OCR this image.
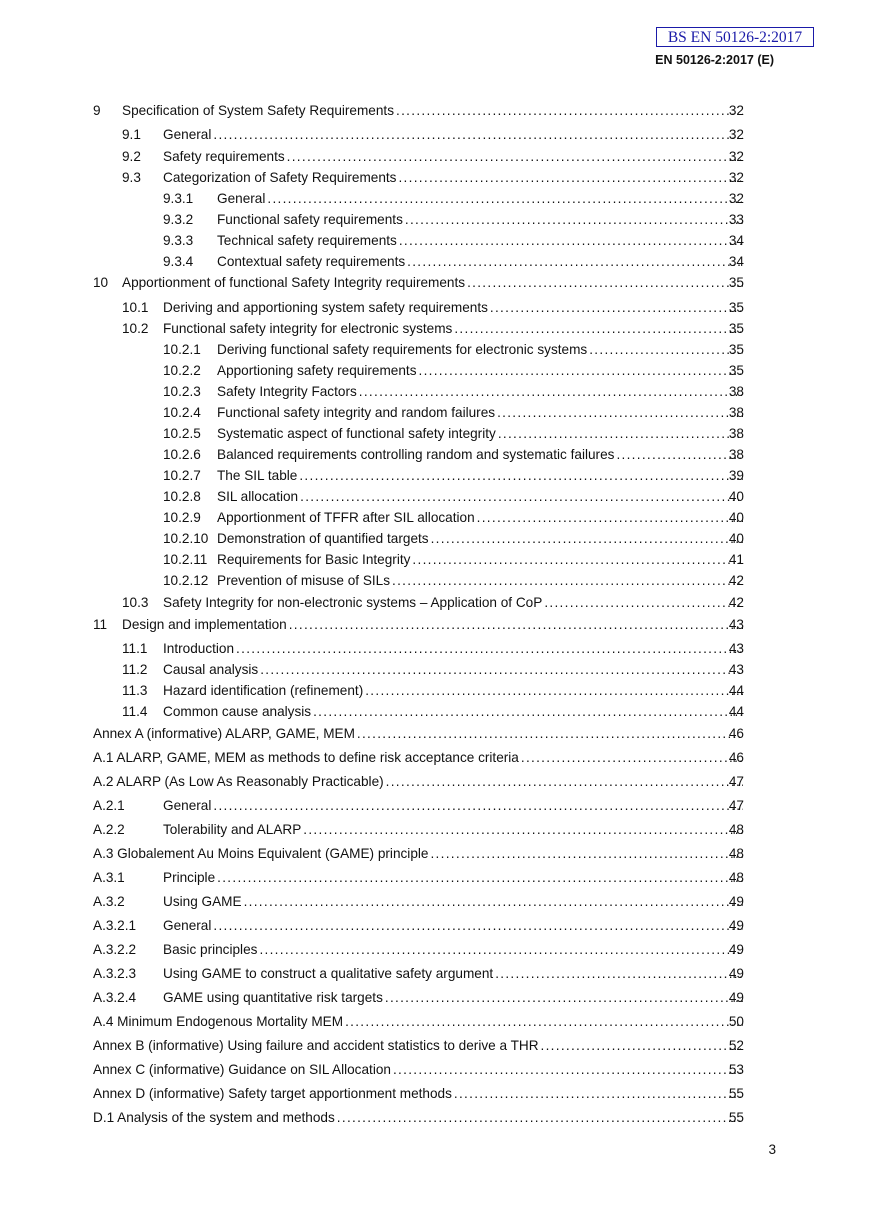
BS EN 50126-2:2017
EN 50126-2:2017 (E)
9 Specification of System Safety Requirements .....	32
9.1 General .....	32
9.2 Safety requirements .....	32
9.3 Categorization of Safety Requirements .....	32
9.3.1 General .....	32
9.3.2 Functional safety requirements .....	33
9.3.3 Technical safety requirements .....	34
9.3.4 Contextual safety requirements .....	34
10 Apportionment of functional Safety Integrity requirements .....	35
10.1 Deriving and apportioning system safety requirements .....	35
10.2 Functional safety integrity for electronic systems .....	35
10.2.1 Deriving functional safety requirements for electronic systems .....	35
10.2.2 Apportioning safety requirements .....	35
10.2.3 Safety Integrity Factors .....	38
10.2.4 Functional safety integrity and random failures .....	38
10.2.5 Systematic aspect of functional safety integrity .....	38
10.2.6 Balanced requirements controlling random and systematic failures .....	38
10.2.7 The SIL table .....	39
10.2.8 SIL allocation .....	40
10.2.9 Apportionment of TFFR after SIL allocation .....	40
10.2.10 Demonstration of quantified targets .....	40
10.2.11 Requirements for Basic Integrity .....	41
10.2.12 Prevention of misuse of SILs .....	42
10.3 Safety Integrity for non-electronic systems – Application of CoP .....	42
11 Design and implementation .....	43
11.1 Introduction .....	43
11.2 Causal analysis .....	43
11.3 Hazard identification (refinement) .....	44
11.4 Common cause analysis .....	44
Annex A (informative) ALARP, GAME, MEM .....	46
A.1 ALARP, GAME, MEM as methods to define risk acceptance criteria .....	46
A.2 ALARP (As Low As Reasonably Practicable) .....	47
A.2.1	General .....	47
A.2.2	Tolerability and ALARP .....	48
A.3 Globalement Au Moins Equivalent (GAME) principle .....	48
A.3.1	Principle .....	48
A.3.2	Using GAME .....	49
A.3.2.1 General .....	49
A.3.2.2 Basic principles .....	49
A.3.2.3 Using GAME to construct a qualitative safety argument .....	49
A.3.2.4 GAME using quantitative risk targets .....	49
A.4 Minimum Endogenous Mortality MEM .....	50
Annex B (informative) Using failure and accident statistics to derive a THR .....	52
Annex C (informative) Guidance on SIL Allocation .....	53
Annex D (informative) Safety target apportionment methods .....	55
D.1 Analysis of the system and methods .....	55
3
